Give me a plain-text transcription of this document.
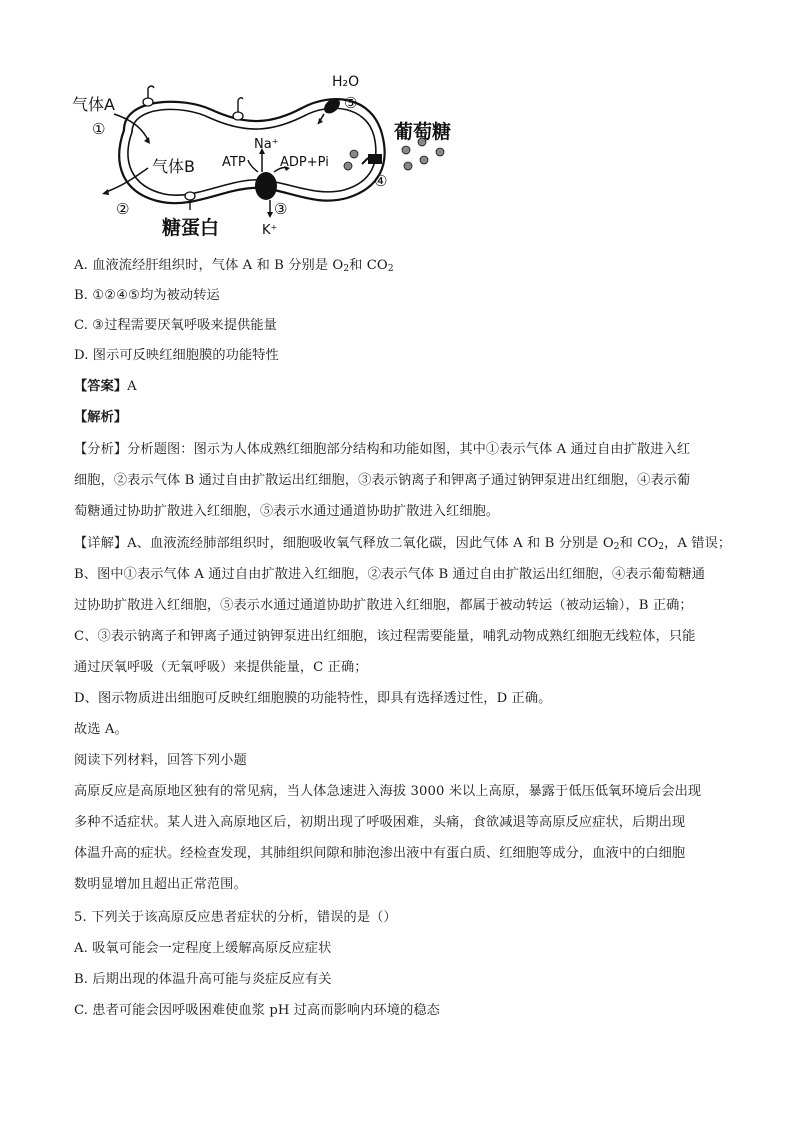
气体A
①
气体B
②
糖蛋白
ATP
Na⁺
ADP+Pi
③
K⁺
H₂O
⑤
葡萄糖
④
A. 血液流经肝组织时，气体 A 和 B 分别是 $O_2$和 $CO_2$
B. ①②④⑤均为被动转运
C. ③过程需要厌氧呼吸来提供能量
D. 图示可反映红细胞膜的功能特性
【答案】A
【解析】
【分析】分析题图：图示为人体成熟红细胞部分结构和功能如图，其中①表示气体 A 通过自由扩散进入红
细胞，②表示气体 B 通过自由扩散运出红细胞，③表示钠离子和钾离子通过钠钾泵进出红细胞，④表示葡
萄糖通过协助扩散进入红细胞，⑤表示水通过通道协助扩散进入红细胞。
【详解】A、血液流经肺部组织时，细胞吸收氧气释放二氧化碳，因此气体 A 和 B 分别是 $O_2$和 $CO_2$，A 错误；
B、图中①表示气体 A 通过自由扩散进入红细胞，②表示气体 B 通过自由扩散运出红细胞，④表示葡萄糖通
过协助扩散进入红细胞，⑤表示水通过通道协助扩散进入红细胞，都属于被动转运（被动运输），B 正确；
C、③表示钠离子和钾离子通过钠钾泵进出红细胞，该过程需要能量，哺乳动物成熟红细胞无线粒体，只能
通过厌氧呼吸（无氧呼吸）来提供能量，C 正确；
D、图示物质进出细胞可反映红细胞膜的功能特性，即具有选择透过性，D 正确。
故选 A。
阅读下列材料，回答下列小题
高原反应是高原地区独有的常见病，当人体急速进入海拔 3000 米以上高原，暴露于低压低氧环境后会出现
多种不适症状。某人进入高原地区后，初期出现了呼吸困难，头痛，食欲减退等高原反应症状，后期出现
体温升高的症状。经检查发现，其肺组织间隙和肺泡渗出液中有蛋白质、红细胞等成分，血液中的白细胞
数明显增加且超出正常范围。
5. 下列关于该高原反应患者症状的分析，错误的是（）
A. 吸氧可能会一定程度上缓解高原反应症状
B. 后期出现的体温升高可能与炎症反应有关
C. 患者可能会因呼吸困难使血浆 pH 过高而影响内环境的稳态
